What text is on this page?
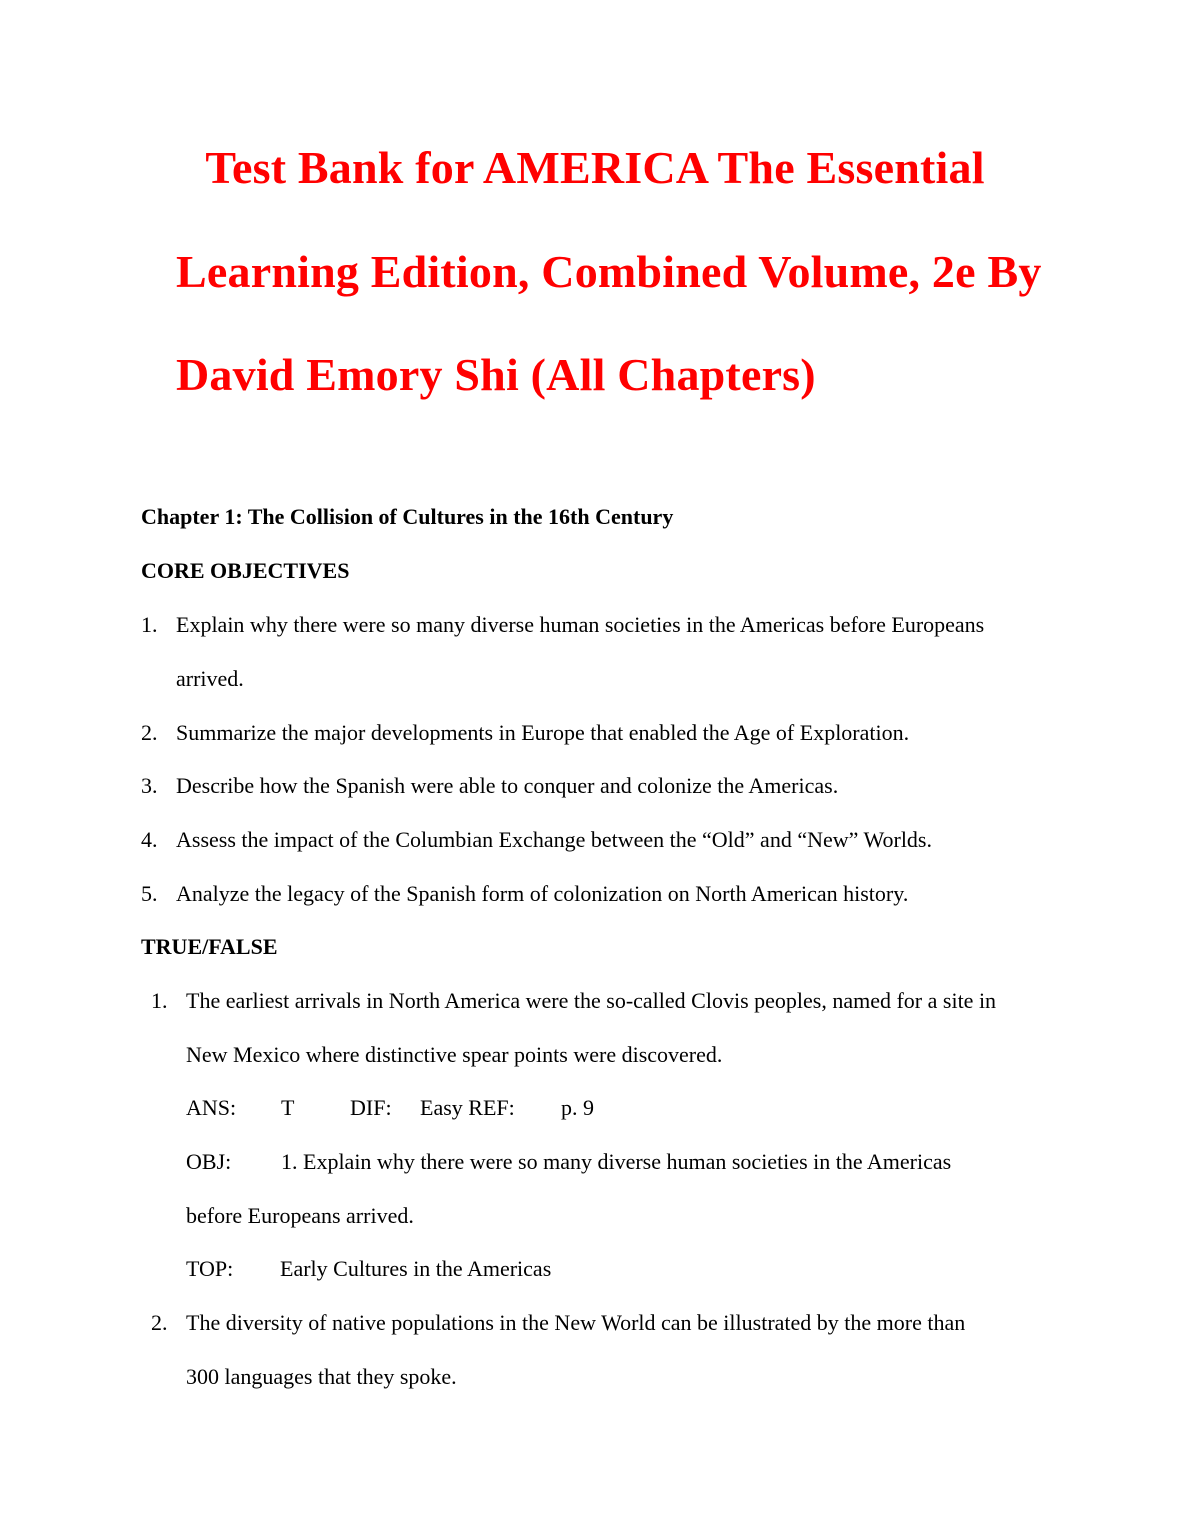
Test Bank for AMERICA The Essential
Learning Edition, Combined Volume, 2e By
David Emory Shi (All Chapters)
Chapter 1: The Collision of Cultures in the 16th Century
CORE OBJECTIVES
1. Explain why there were so many diverse human societies in the Americas before Europeans
arrived.
2. Summarize the major developments in Europe that enabled the Age of Exploration.
3. Describe how the Spanish were able to conquer and colonize the Americas.
4. Assess the impact of the Columbian Exchange between the “Old” and “New” Worlds.
5. Analyze the legacy of the Spanish form of colonization on North American history.
TRUE/FALSE
1. The earliest arrivals in North America were the so-called Clovis peoples, named for a site in
New Mexico where distinctive spear points were discovered.
ANS: T	DIF: Easy REF: p. 9
OBJ: 1. Explain why there were so many diverse human societies in the Americas
before Europeans arrived.
TOP: Early Cultures in the Americas
2. The diversity of native populations in the New World can be illustrated by the more than
300 languages that they spoke.
